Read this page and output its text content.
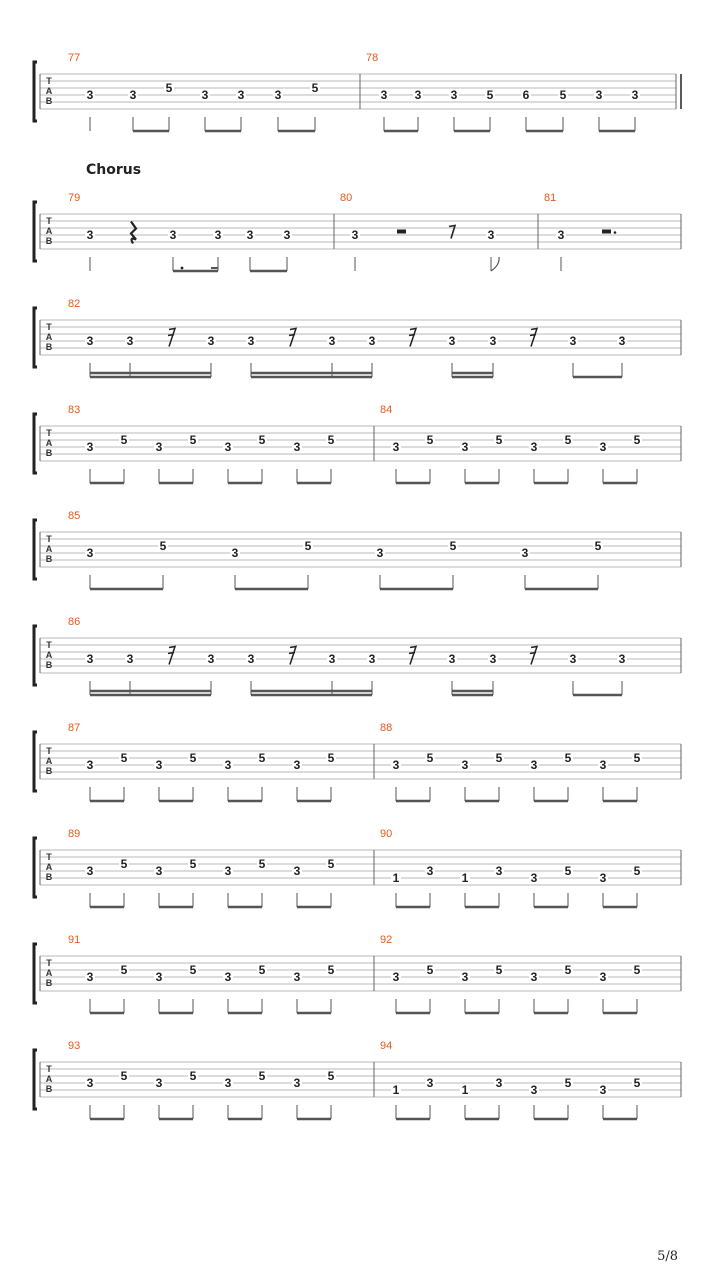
T
A
B
77
3	3 5 3 3	3	5
78
3 3 3 5 6	5 3 3
T
A
B
Chorus
79
3	3	3 3	3
80
3	3
81
3
T
A
B
82
3	3	3	3	3	3	3	3	3	3
T
A
B
83
3 5 3 5 3 5 3 5
84
3 5 3 5 3 5 3 5
T
A
B
85
3	5	3	5	3	5	3	5
T
A
B
86
3	3	3	3	3	3	3	3	3	3
T
A
B
87
3 5 3 5 3 5 3 5
88
3 5 3 5 3 5 3 5
T
A
B
89
3 5 3 5 3 5 3 5
90
1 3 1 3 3 5 3 5
T
A
B
91
3 5 3 5 3 5 3 5
92
3 5 3 5 3 5 3 5
T
A
B
93
3 5 3 5 3 5 3 5
94
1 3 1 3 3 5 3 5
5/8
